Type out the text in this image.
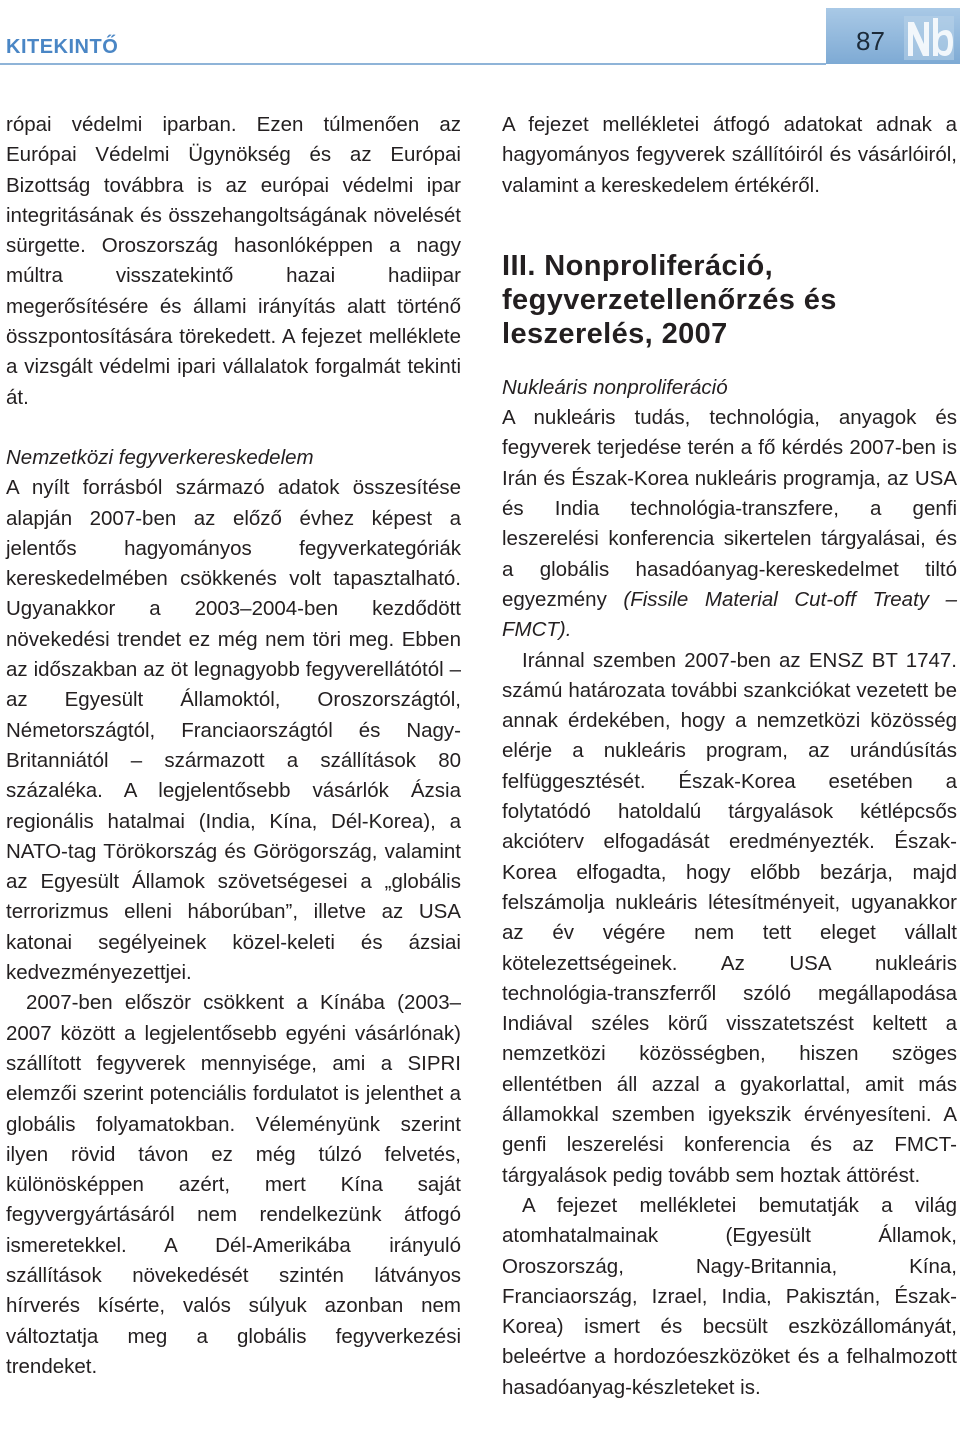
KITEKINTŐ	87
Nb

rópai védelmi iparban. Ezen túlmenően az Európai Védelmi Ügynökség és az Európai Bizottság továbbra is az európai védelmi ipar integritásának és összehangoltságának növelését sürgette. Oroszország hasonlóképpen a nagy múltra visszatekintő hazai hadiipar megerősítésére és állami irányítás alatt történő összpontosítására törekedett. A fejezet melléklete a vizsgált védelmi ipari vállalatok forgalmát tekinti át.

Nemzetközi fegyverkereskedelem

A nyílt forrásból származó adatok összesítése alapján 2007-ben az előző évhez képest a jelentős hagyományos fegyverkategóriák kereskedelmében csökkenés volt tapasztalható. Ugyanakkor a 2003–2004-ben kezdődött növekedési trendet ez még nem töri meg. Ebben az időszakban az öt legnagyobb fegyverellátótól – az Egyesült Államoktól, Oroszországtól, Németországtól, Franciaországtól és Nagy-Britanniától – származott a szállítások 80 százaléka. A legjelentősebb vásárlók Ázsia regionális hatalmai (India, Kína, Dél-Korea), a NATO-tag Törökország és Görögország, valamint az Egyesült Államok szövetségesei a „globális terrorizmus elleni háborúban”, illetve az USA katonai segélyeinek közel-keleti és ázsiai kedvezményezettjei.

2007-ben először csökkent a Kínába (2003–2007 között a legjelentősebb egyéni vásárlónak) szállított fegyverek mennyisége, ami a SIPRI elemzői szerint potenciális fordulatot is jelenthet a globális folyamatokban. Véleményünk szerint ilyen rövid távon ez még túlzó felvetés, különösképpen azért, mert Kína saját fegyvergyártásáról nem rendelkezünk átfogó ismeretekkel. A Dél-Amerikába irányuló szállítások növekedését szintén látványos hírverés kísérte, valós súlyuk azonban nem változtatja meg a globális fegyverkezési trendeket.

A fejezet mellékletei átfogó adatokat adnak a hagyományos fegyverek szállítóiról és vásárlóiról, valamint a kereskedelem értékéről.

III. Nonproliferáció, fegyverzetellenőrzés és leszerelés, 2007

Nukleáris nonproliferáció

A nukleáris tudás, technológia, anyagok és fegyverek terjedése terén a fő kérdés 2007-ben is Irán és Észak-Korea nukleáris programja, az USA és India technológia-transzfere, a genfi leszerelési konferencia sikertelen tárgyalásai, és a globális hasadóanyag-kereskedelmet tiltó egyezmény (Fissile Material Cut-off Treaty – FMCT).

Iránnal szemben 2007-ben az ENSZ BT 1747. számú határozata további szankciókat vezetett be annak érdekében, hogy a nemzetközi közösség elérje a nukleáris program, az urándúsítás felfüggesztését. Észak-Korea esetében a folytatódó hatoldalú tárgyalások kétlépcsős akcióterv elfogadását eredményezték. Észak-Korea elfogadta, hogy előbb bezárja, majd felszámolja nukleáris létesítményeit, ugyanakkor az év végére nem tett eleget vállalt kötelezettségeinek. Az USA nukleáris technológia-transzferről szóló megállapodása Indiával széles körű visszatetszést keltett a nemzetközi közösségben, hiszen szöges ellentétben áll azzal a gyakorlattal, amit más államokkal szemben igyekszik érvényesíteni. A genfi leszerelési konferencia és az FMCT-tárgyalások pedig tovább sem hoztak áttörést.

A fejezet mellékletei bemutatják a világ atomhatalmainak (Egyesült Államok, Oroszország, Nagy-Britannia, Kína, Franciaország, Izrael, India, Pakisztán, Észak-Korea) ismert és becsült eszközállományát, beleértve a hordozóeszközöket és a felhalmozott hasadóanyag-készleteket is.
